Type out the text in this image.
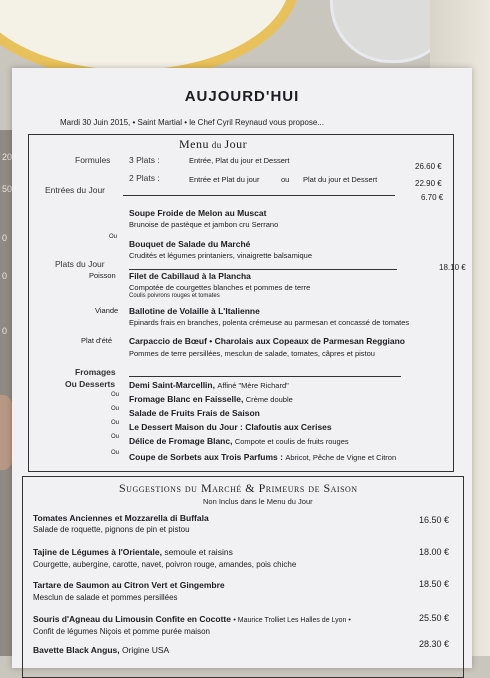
20
50
0
0
0
AUJOURD'HUI
Mardi 30 Juin 2015, • Saint Martial • le Chef Cyril Reynaud vous propose...
Menu du Jour
Formules 3 Plats :	Entrée, Plat du jour et Dessert
26.60 €
2 Plats :	Entrée et Plat du jour	ou Plat du jour et Dessert	22.90 €
Entrées du Jour
6.70 €
Soupe Froide de Melon au Muscat
Brunoise de pastèque et jambon cru Serrano
Ou
Bouquet de Salade du Marché
Crudités et légumes printaniers, vinaigrette balsamique
Plats du Jour	18.10 €
Poisson Filet de Cabillaud à la Plancha
Compotée de courgettes blanches et pommes de terre
Coulis poivrons rouges et tomates
Viande Ballotine de Volaille à L'Italienne
Epinards frais en branches, polenta crémeuse au parmesan et concassé de tomates
Plat d'été Carpaccio de Bœuf • Charolais aux Copeaux de Parmesan Reggiano
Pommes de terre persillées, mesclun de salade, tomates, câpres et pistou
Fromages
Ou Desserts Demi Saint-Marcellin, Affiné "Mère Richard"
Ou Fromage Blanc en Faisselle, Crème double
Ou Salade de Fruits Frais de Saison
Ou Le Dessert Maison du Jour : Clafoutis aux Cerises
Ou Délice de Fromage Blanc, Compote et coulis de fruits rouges
Ou Coupe de Sorbets aux Trois Parfums : Abricot, Pêche de Vigne et Citron
Suggestions du Marché & Primeurs de Saison
Non Inclus dans le Menu du Jour
Tomates Anciennes et Mozzarella di Buffala
Salade de roquette, pignons de pin et pistou
16.50 €
Tajine de Légumes à l'Orientale, semoule et raisins
Courgette, aubergine, carotte, navet, poivron rouge, amandes, pois chiche
18.00 €
Tartare de Saumon au Citron Vert et Gingembre
Mesclun de salade et pommes persillées
18.50 €
Souris d'Agneau du Limousin Confite en Cocotte • Maurice Trolliet Les Halles de Lyon •
Confit de légumes Niçois et pomme purée maison
25.50 €
Bavette Black Angus, Origine USA
28.30 €
